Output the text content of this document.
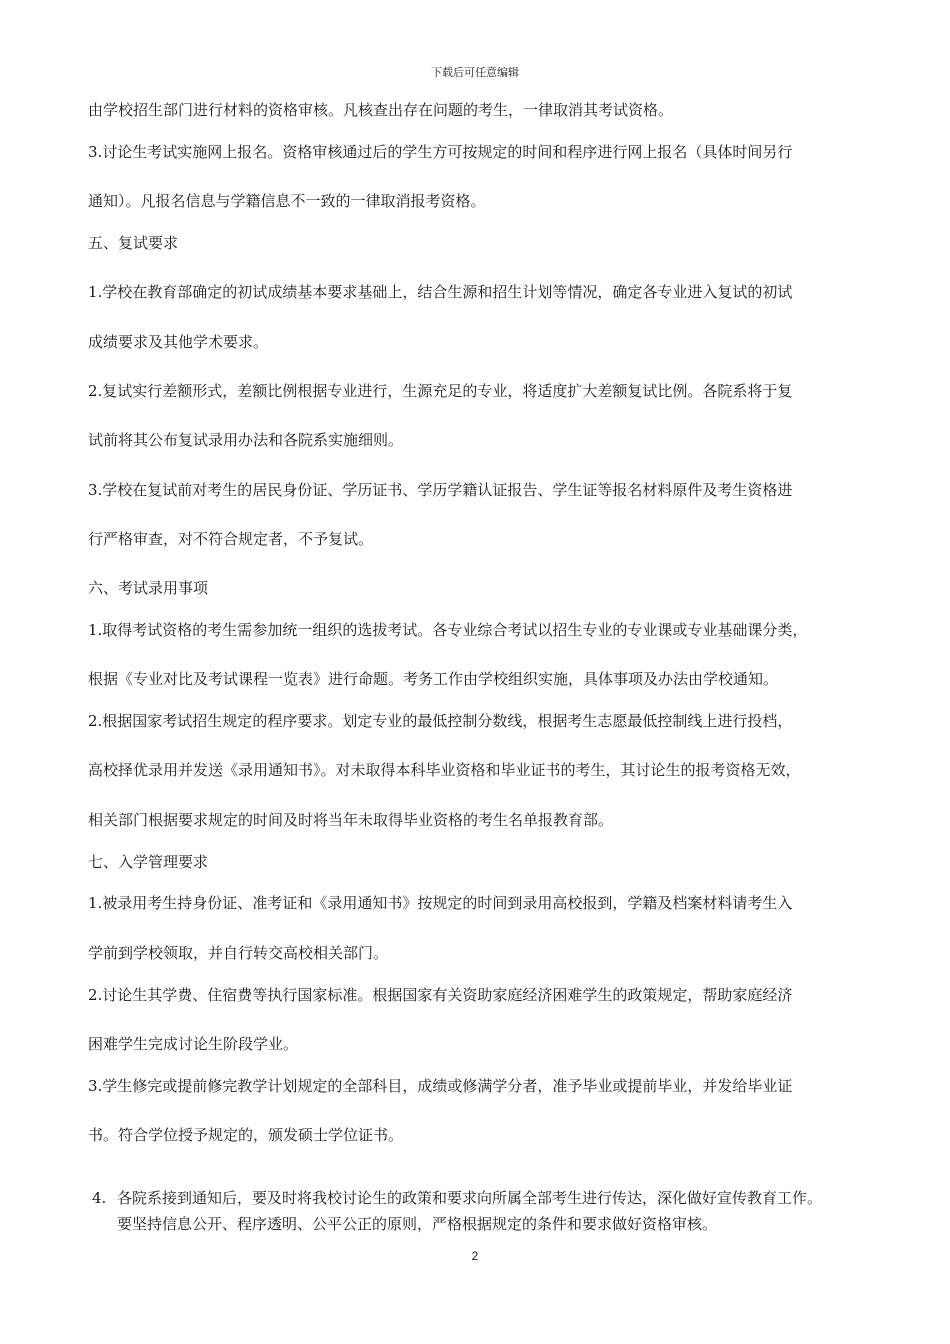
下载后可任意编辑
由学校招生部门进行材料的资格审核。凡核查出存在问题的考生，一律取消其考试资格。
3.讨论生考试实施网上报名。资格审核通过后的学生方可按规定的时间和程序进行网上报名（具体时间另行
通知）。凡报名信息与学籍信息不一致的一律取消报考资格。
五、复试要求
1.学校在教育部确定的初试成绩基本要求基础上，结合生源和招生计划等情况，确定各专业进入复试的初试
成绩要求及其他学术要求。
2.复试实行差额形式，差额比例根据专业进行，生源充足的专业，将适度扩大差额复试比例。各院系将于复
试前将其公布复试录用办法和各院系实施细则。
3.学校在复试前对考生的居民身份证、学历证书、学历学籍认证报告、学生证等报名材料原件及考生资格进
行严格审查，对不符合规定者，不予复试。
六、考试录用事项
1.取得考试资格的考生需参加统一组织的选拔考试。各专业综合考试以招生专业的专业课或专业基础课分类，
根据《专业对比及考试课程一览表》进行命题。考务工作由学校组织实施，具体事项及办法由学校通知。
2.根据国家考试招生规定的程序要求。划定专业的最低控制分数线，根据考生志愿最低控制线上进行投档，
高校择优录用并发送《录用通知书》。对未取得本科毕业资格和毕业证书的考生，其讨论生的报考资格无效，
相关部门根据要求规定的时间及时将当年未取得毕业资格的考生名单报教育部。
七、入学管理要求
1.被录用考生持身份证、准考证和《录用通知书》按规定的时间到录用高校报到，学籍及档案材料请考生入
学前到学校领取，并自行转交高校相关部门。
2.讨论生其学费、住宿费等执行国家标准。根据国家有关资助家庭经济困难学生的政策规定，帮助家庭经济
困难学生完成讨论生阶段学业。
3.学生修完或提前修完教学计划规定的全部科目，成绩或修满学分者，准予毕业或提前毕业，并发给毕业证
书。符合学位授予规定的，颁发硕士学位证书。
4. 各院系接到通知后，要及时将我校讨论生的政策和要求向所属全部考生进行传达，深化做好宣传教育工作。
要坚持信息公开、程序透明、公平公正的原则，严格根据规定的条件和要求做好资格审核。
2
